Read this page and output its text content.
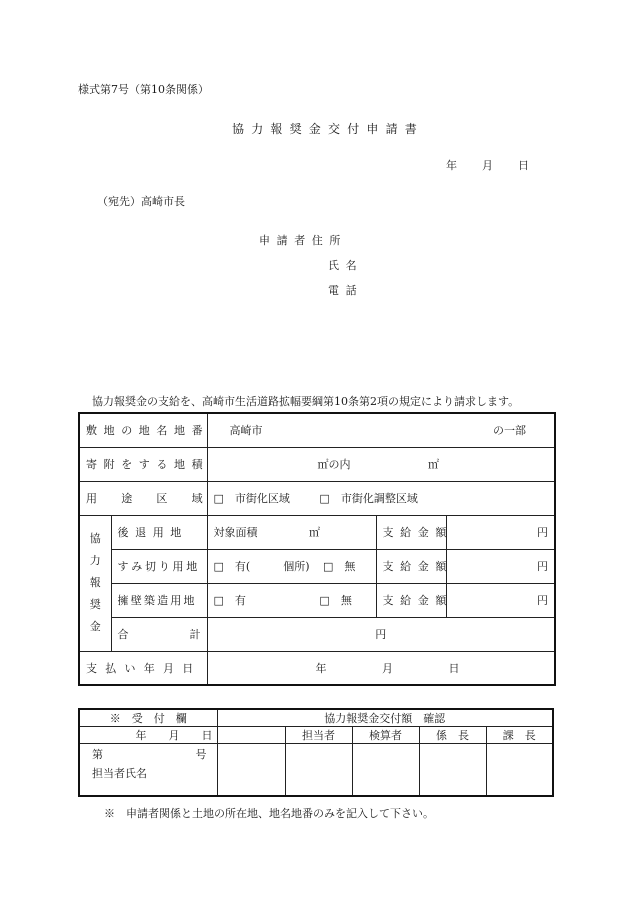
様式第7号（第10条関係）
協力報奨金交付申請書
年 月 日
（宛先）高崎市長
申請者住所
氏名
電話
協力報奨金の支給を、高崎市生活道路拡幅要綱第10条第2項の規定により請求します。
敷地の地名地番		高崎市 の一部		

寄附をする地積		㎡の内 ㎡		
用途区域		□　市街化区域 □　市街化調整区域		

協
力
報
奨
金	後退用地	対象面積 ㎡	支給金額	円
	すみ切り用地	□　有(　　　個所) □　無	支給金額	円
	擁壁築造用地	□　有 □　無	支給金額	円

	合 計	円		
支払い年月日		年 月 日		
※　受　付　欄	協力報奨金交付額　確認				
年　　月　　日		担当者	検算者	係　長	課　長

第 号
担当者氏名					

※　申請者関係と土地の所在地、地名地番のみを記入して下さい。
